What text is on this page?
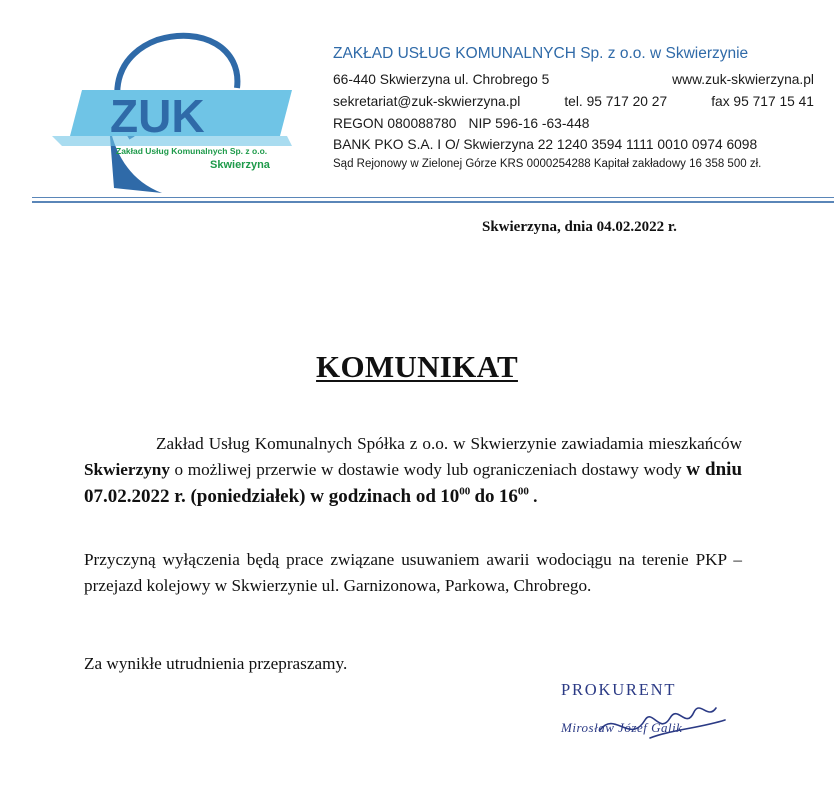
ZUK
Zakład Usług Komunalnych Sp. z o.o.
Skwierzyna
ZAKŁAD USŁUG KOMUNALNYCH Sp. z o.o. w Skwierzynie
66-440 Skwierzyna ul. Chrobrego 5	www.zuk-skwierzyna.pl
sekretariat@zuk-skwierzyna.pl	tel. 95 717 20 27	fax 95 717 15 41
REGON 080088780 NIP 596-16 -63-448
BANK PKO S.A. I O/ Skwierzyna 22 1240 3594 1111 0010 0974 6098
Sąd Rejonowy w Zielonej Górze KRS 0000254288 Kapitał zakładowy 16 358 500 zł.
Skwierzyna, dnia 04.02.2022 r.
KOMUNIKAT
Zakład Usług Komunalnych Spółka z o.o. w Skwierzynie zawiadamia mieszkańców Skwierzyny o możliwej przerwie w dostawie wody lub ograniczeniach dostawy wody w dniu 07.02.2022 r. (poniedziałek) w godzinach od $10^{00}$ do $16^{00}$ .
Przyczyną wyłączenia będą prace związane usuwaniem awarii wodociągu na terenie PKP – przejazd kolejowy w Skwierzynie ul. Garnizonowa, Parkowa, Chrobrego.
Za wynikłe utrudnienia przepraszamy.
PROKURENT
Mirosław Józef Galik
